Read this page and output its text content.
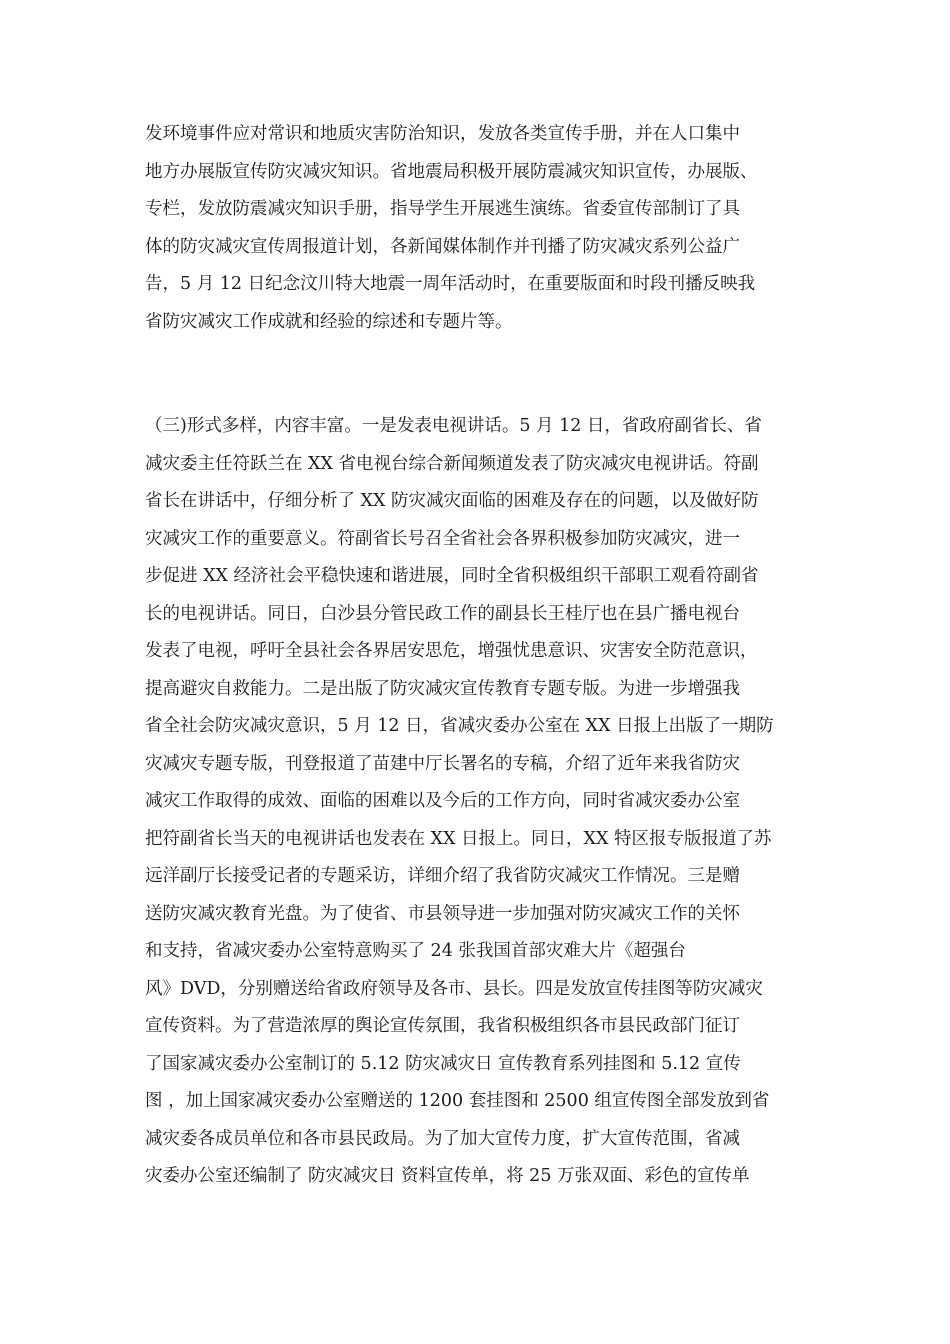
发环境事件应对常识和地质灾害防治知识，发放各类宣传手册，并在人口集中
地方办展版宣传防灾减灾知识。省地震局积极开展防震减灾知识宣传，办展版、
专栏，发放防震减灾知识手册，指导学生开展逃生演练。省委宣传部制订了具
体的防灾减灾宣传周报道计划，各新闻媒体制作并刊播了防灾减灾系列公益广
告，5 月 12 日纪念汶川特大地震一周年活动时，在重要版面和时段刊播反映我
省防灾减灾工作成就和经验的综述和专题片等。
（三)形式多样，内容丰富。一是发表电视讲话。5 月 12 日，省政府副省长、省
减灾委主任符跃兰在 XX 省电视台综合新闻频道发表了防灾减灾电视讲话。符副
省长在讲话中，仔细分析了 XX 防灾减灾面临的困难及存在的问题，以及做好防
灾减灾工作的重要意义。符副省长号召全省社会各界积极参加防灾减灾，进一
步促进 XX 经济社会平稳快速和谐进展，同时全省积极组织干部职工观看符副省
长的电视讲话。同日，白沙县分管民政工作的副县长王桂厅也在县广播电视台
发表了电视，呼吁全县社会各界居安思危，增强忧患意识、灾害安全防范意识，
提高避灾自救能力。二是出版了防灾减灾宣传教育专题专版。为进一步增强我
省全社会防灾减灾意识，5 月 12 日，省减灾委办公室在 XX 日报上出版了一期防
灾减灾专题专版，刊登报道了苗建中厅长署名的专稿，介绍了近年来我省防灾
减灾工作取得的成效、面临的困难以及今后的工作方向，同时省减灾委办公室
把符副省长当天的电视讲话也发表在 XX 日报上。同日，XX 特区报专版报道了苏
远洋副厅长接受记者的专题采访，详细介绍了我省防灾减灾工作情况。三是赠
送防灾减灾教育光盘。为了使省、市县领导进一步加强对防灾减灾工作的关怀
和支持，省减灾委办公室特意购买了 24 张我国首部灾难大片《超强台
风》DVD，分别赠送给省政府领导及各市、县长。四是发放宣传挂图等防灾减灾
宣传资料。为了营造浓厚的舆论宣传氛围，我省积极组织各市县民政部门征订
了国家减灾委办公室制订的 5.12 防灾减灾日 宣传教育系列挂图和 5.12 宣传
图 ，加上国家减灾委办公室赠送的 1200 套挂图和 2500 组宣传图全部发放到省
减灾委各成员单位和各市县民政局。为了加大宣传力度，扩大宣传范围，省减
灾委办公室还编制了 防灾减灾日 资料宣传单，将 25 万张双面、彩色的宣传单
